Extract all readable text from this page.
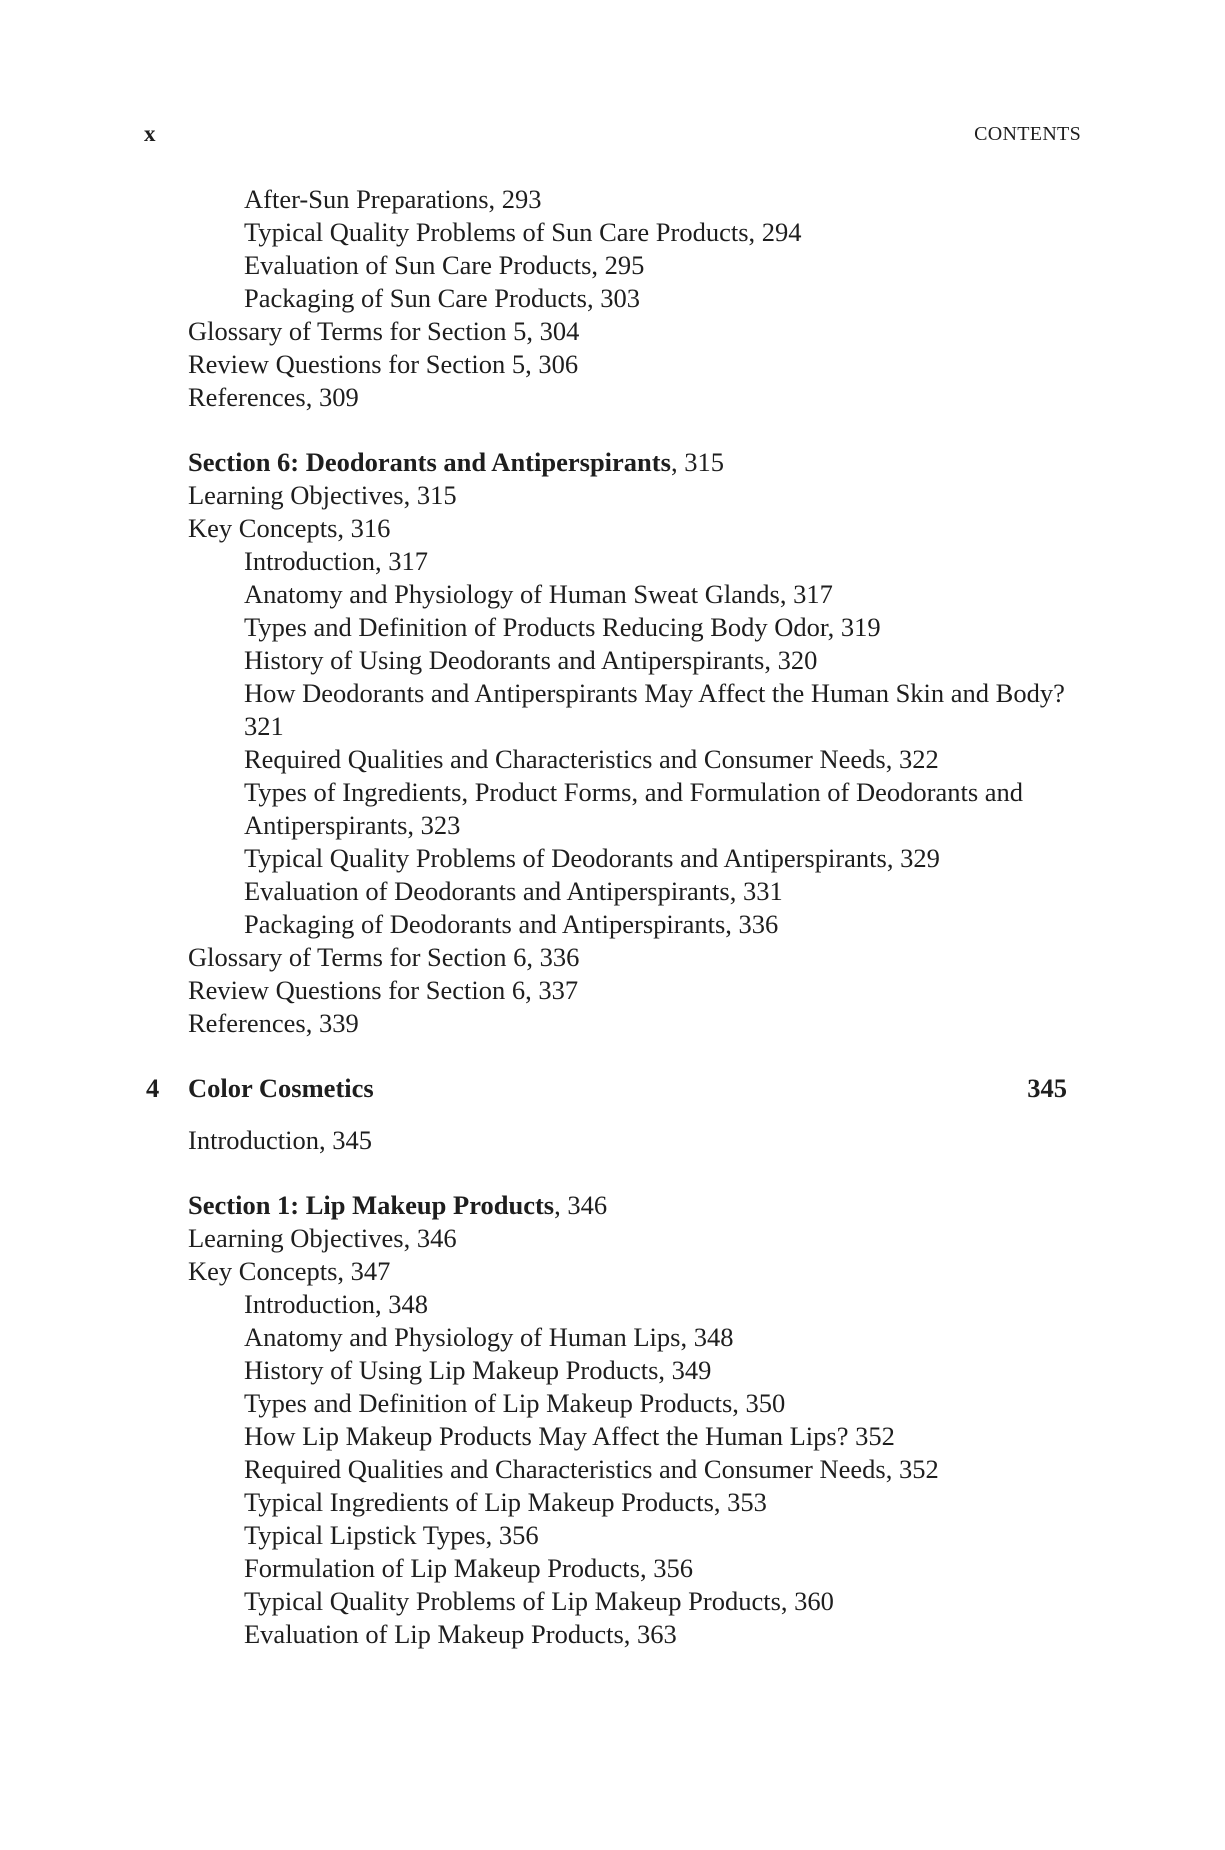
x	CONTENTS
After-Sun Preparations, 293
Typical Quality Problems of Sun Care Products, 294
Evaluation of Sun Care Products, 295
Packaging of Sun Care Products, 303
Glossary of Terms for Section 5, 304
Review Questions for Section 5, 306
References, 309
Section 6: Deodorants and Antiperspirants, 315
Learning Objectives, 315
Key Concepts, 316
Introduction, 317
Anatomy and Physiology of Human Sweat Glands, 317
Types and Definition of Products Reducing Body Odor, 319
History of Using Deodorants and Antiperspirants, 320
How Deodorants and Antiperspirants May Affect the Human Skin and Body? 321
Required Qualities and Characteristics and Consumer Needs, 322
Types of Ingredients, Product Forms, and Formulation of Deodorants and Antiperspirants, 323
Typical Quality Problems of Deodorants and Antiperspirants, 329
Evaluation of Deodorants and Antiperspirants, 331
Packaging of Deodorants and Antiperspirants, 336
Glossary of Terms for Section 6, 336
Review Questions for Section 6, 337
References, 339
4 Color Cosmetics	345
Introduction, 345
Section 1: Lip Makeup Products, 346
Learning Objectives, 346
Key Concepts, 347
Introduction, 348
Anatomy and Physiology of Human Lips, 348
History of Using Lip Makeup Products, 349
Types and Definition of Lip Makeup Products, 350
How Lip Makeup Products May Affect the Human Lips? 352
Required Qualities and Characteristics and Consumer Needs, 352
Typical Ingredients of Lip Makeup Products, 353
Typical Lipstick Types, 356
Formulation of Lip Makeup Products, 356
Typical Quality Problems of Lip Makeup Products, 360
Evaluation of Lip Makeup Products, 363
